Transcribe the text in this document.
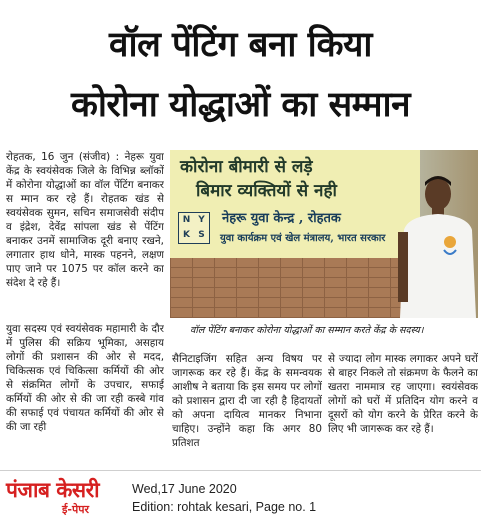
वॉल पेंटिंग बना किया
कोरोना योद्धाओं का सम्मान
रोहतक, 16 जुन (संजीव) : नेहरू युवा केंद्र के स्वयंसेवक जिले के विभिन्न ब्लॉकों में कोरोना योद्धाओं का वॉल पेंटिंग बनाकर स म्मान कर रहे हैं। रोहतक खंड से स्वयंसेवक सुमन, सचिन समाजसेवी संदीप व इंद्रेश, देवेंद्र सांपला खंड से पेंटिंग बनाकर उनमें सामाजिक दूरी बनाए रखने, लगातार हाथ धोने, मास्क पहनने, लक्षण पाए जाने पर 1075 पर कॉल करने का संदेश दे रहे हैं।
युवा सदस्य एवं स्वयंसेवक महामारी के दौर में पुलिस की सक्रिय भूमिका, असहाय लोगों की प्रशासन की ओर से मदद, चिकित्सक एवं चिकित्सा कर्मियों की ओर से संक्रमित लोगों के उपचार, सफाई कर्मियों की ओर से की जा रही कस्बे गांव की सफाई एवं पंचायत कर्मियों की ओर से की जा रही
कोरोना बीमारी से लड़े
बिमार व्यक्तियों से नही
N Y
K S
नेहरू युवा केन्द्र , रोहतक
युवा कार्यक्रम एवं खेल मंत्रालय, भारत सरकार
वॉल पेंटिंग बनाकर कोरोना योद्धाओं का सम्मान करते केंद्र के सदस्य।
सैनिटाइजिंग सहित अन्य विषय पर जागरूक कर रहे हैं। केंद्र के समन्वयक आशीष ने बताया कि इस समय पर लोगों को प्रशासन द्वारा दी जा रही है हिदायतों को अपना दायित्व मानकर निभाना चाहिए। उन्होंने कहा कि अगर 80 प्रतिशत
से ज्यादा लोग मास्क लगाकर अपने घरों से बाहर निकले तो संक्रमण के फैलने का खतरा नाममात्र रह जाएगा। स्वयंसेवक लोगों को घरों में प्रतिदिन योग करने व दूसरों को योग करने के प्रेरित करने के लिए भी जागरूक कर रहे हैं।
पंजाब केसरी
ई-पेपर
Wed,17 June 2020
Edition: rohtak kesari, Page no. 1
